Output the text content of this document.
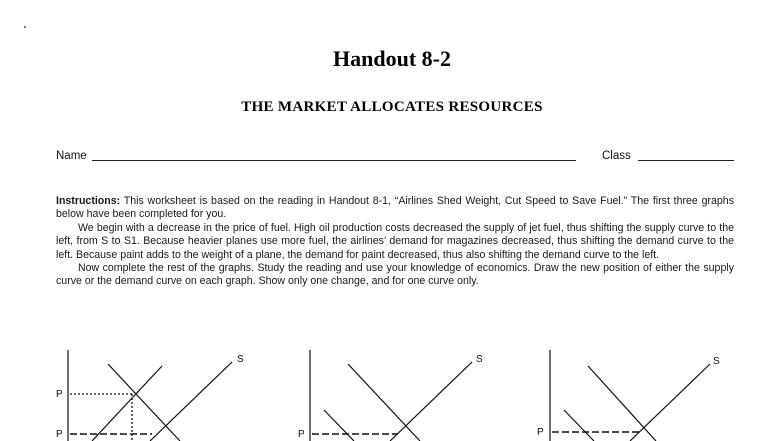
Handout 8-2
THE MARKET ALLOCATES RESOURCES
Name	Class

Instructions: This worksheet is based on the reading in Handout 8-1, “Airlines Shed Weight, Cut Speed to Save Fuel.” The first three graphs below have been completed for you.

We begin with a decrease in the price of fuel. High oil production costs decreased the supply of jet fuel, thus shifting the supply curve to the left, from S to S1. Because heavier planes use more fuel, the airlines’ demand for magazines decreased, thus shifting the demand curve to the left. Because paint adds to the weight of a plane, the demand for paint decreased, thus also shifting the demand curve to the left.

Now complete the rest of the graphs. Study the reading and use your knowledge of economics. Draw the new position of either the supply curve or the demand curve on each graph. Show only one change, and for one curve only.

P
P
S
P
S
P
S
